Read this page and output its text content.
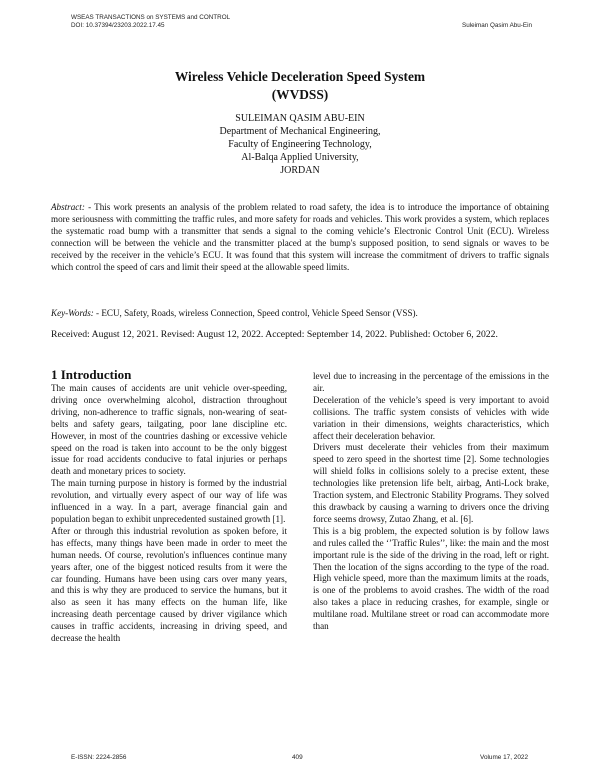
WSEAS TRANSACTIONS on SYSTEMS and CONTROL
DOI: 10.37394/23203.2022.17.45	Suleiman Qasim Abu-Ein
Wireless Vehicle Deceleration Speed System
(WVDSS)
SULEIMAN QASIM ABU-EIN
Department of Mechanical Engineering,
Faculty of Engineering Technology,
Al-Balqa Applied University,
JORDAN
Abstract: - This work presents an analysis of the problem related to road safety, the idea is to introduce the importance of obtaining more seriousness with committing the traffic rules, and more safety for roads and vehicles. This work provides a system, which replaces the systematic road bump with a transmitter that sends a signal to the coming vehicle’s Electronic Control Unit (ECU). Wireless connection will be between the vehicle and the transmitter placed at the bump's supposed position, to send signals or waves to be received by the receiver in the vehicle’s ECU. It was found that this system will increase the commitment of drivers to traffic signals which control the speed of cars and limit their speed at the allowable speed limits.
Key-Words: - ECU, Safety, Roads, wireless Connection, Speed control, Vehicle Speed Sensor (VSS).
Received: August 12, 2021. Revised: August 12, 2022. Accepted: September 14, 2022. Published: October 6, 2022.
1 Introduction

The main causes of accidents are unit vehicle over-speeding, driving once overwhelming alcohol, distraction throughout driving, non-adherence to traffic signals, non-wearing of seat-belts and safety gears, tailgating, poor lane discipline etc. However, in most of the countries dashing or excessive vehicle speed on the road is taken into account to be the only biggest issue for road accidents conducive to fatal injuries or perhaps death and monetary prices to society.

The main turning purpose in history is formed by the industrial revolution, and virtually every aspect of our way of life was influenced in a way. In a part, average financial gain and population began to exhibit unprecedented sustained growth [1].

After or through this industrial revolution as spoken before, it has effects, many things have been made in order to meet the human needs. Of course, revolution's influences continue many years after, one of the biggest noticed results from it were the car founding. Humans have been using cars over many years, and this is why they are produced to service the humans, but it also as seen it has many effects on the human life, like increasing death percentage caused by driver vigilance which causes in traffic accidents, increasing in driving speed, and decrease the health

level due to increasing in the percentage of the emissions in the air.

Deceleration of the vehicle’s speed is very important to avoid collisions. The traffic system consists of vehicles with wide variation in their dimensions, weights characteristics, which affect their deceleration behavior.

Drivers must decelerate their vehicles from their maximum speed to zero speed in the shortest time [2]. Some technologies will shield folks in collisions solely to a precise extent, these technologies like pretension life belt, airbag, Anti-Lock brake, Traction system, and Electronic Stability Programs. They solved this drawback by causing a warning to drivers once the driving force seems drowsy, Zutao Zhang, et al. [6].

This is a big problem, the expected solution is by follow laws and rules called the ‘’Traffic Rules’’, like: the main and the most important rule is the side of the driving in the road, left or right. Then the location of the signs according to the type of the road. High vehicle speed, more than the maximum limits at the roads, is one of the problems to avoid crashes. The width of the road also takes a place in reducing crashes, for example, single or multilane road. Multilane street or road can accommodate more than

E-ISSN: 2224-2856	409	Volume 17, 2022
